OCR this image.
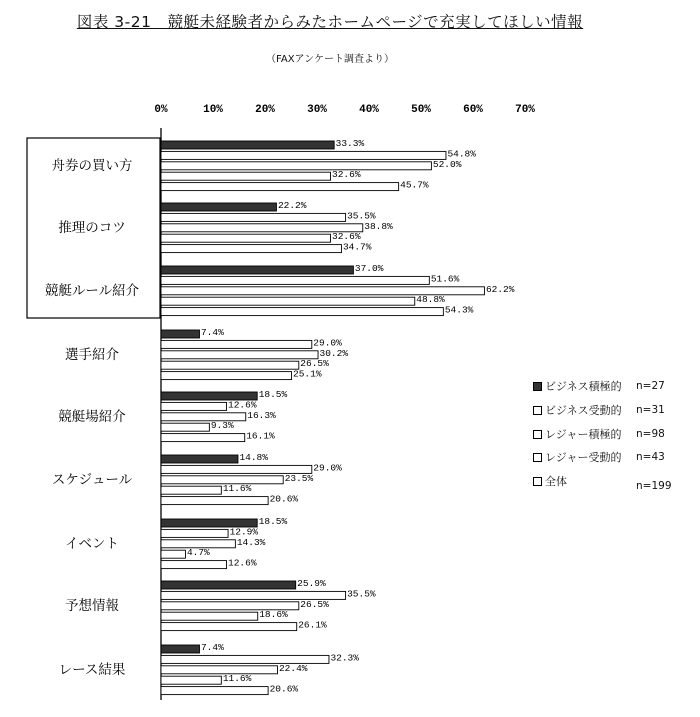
図表 3-21　競艇未経験者からみたホームページで充実してほしい情報
（FAXアンケート調査より）
0%	10%	20%	30%	40%	50%	60%	70%
舟券の買い方
33.3%
54.8%
52.0%
32.6%
45.7%
推理のコツ
22.2%
35.5%
38.8%
32.6%
34.7%
競艇ルール紹介
37.0%
51.6%
62.2%
48.8%
54.3%
選手紹介
7.4%
29.0%
30.2%
26.5%
25.1%
競艇場紹介
18.5%
12.6%
16.3%
9.3%
16.1%
スケジュール
14.8%
29.0%
23.5%
11.6%
20.6%
イベント
18.5%
12.9%
14.3%
4.7%
12.6%
予想情報
25.9%
35.5%
26.5%
18.6%
26.1%
レース結果
7.4%
32.3%
22.4%
11.6%
20.6%
ビジネス積極的 n=27
ビジネス受動的 n=31
レジャー積極的 n=98
レジャー受動的 n=43
全体	n=199
